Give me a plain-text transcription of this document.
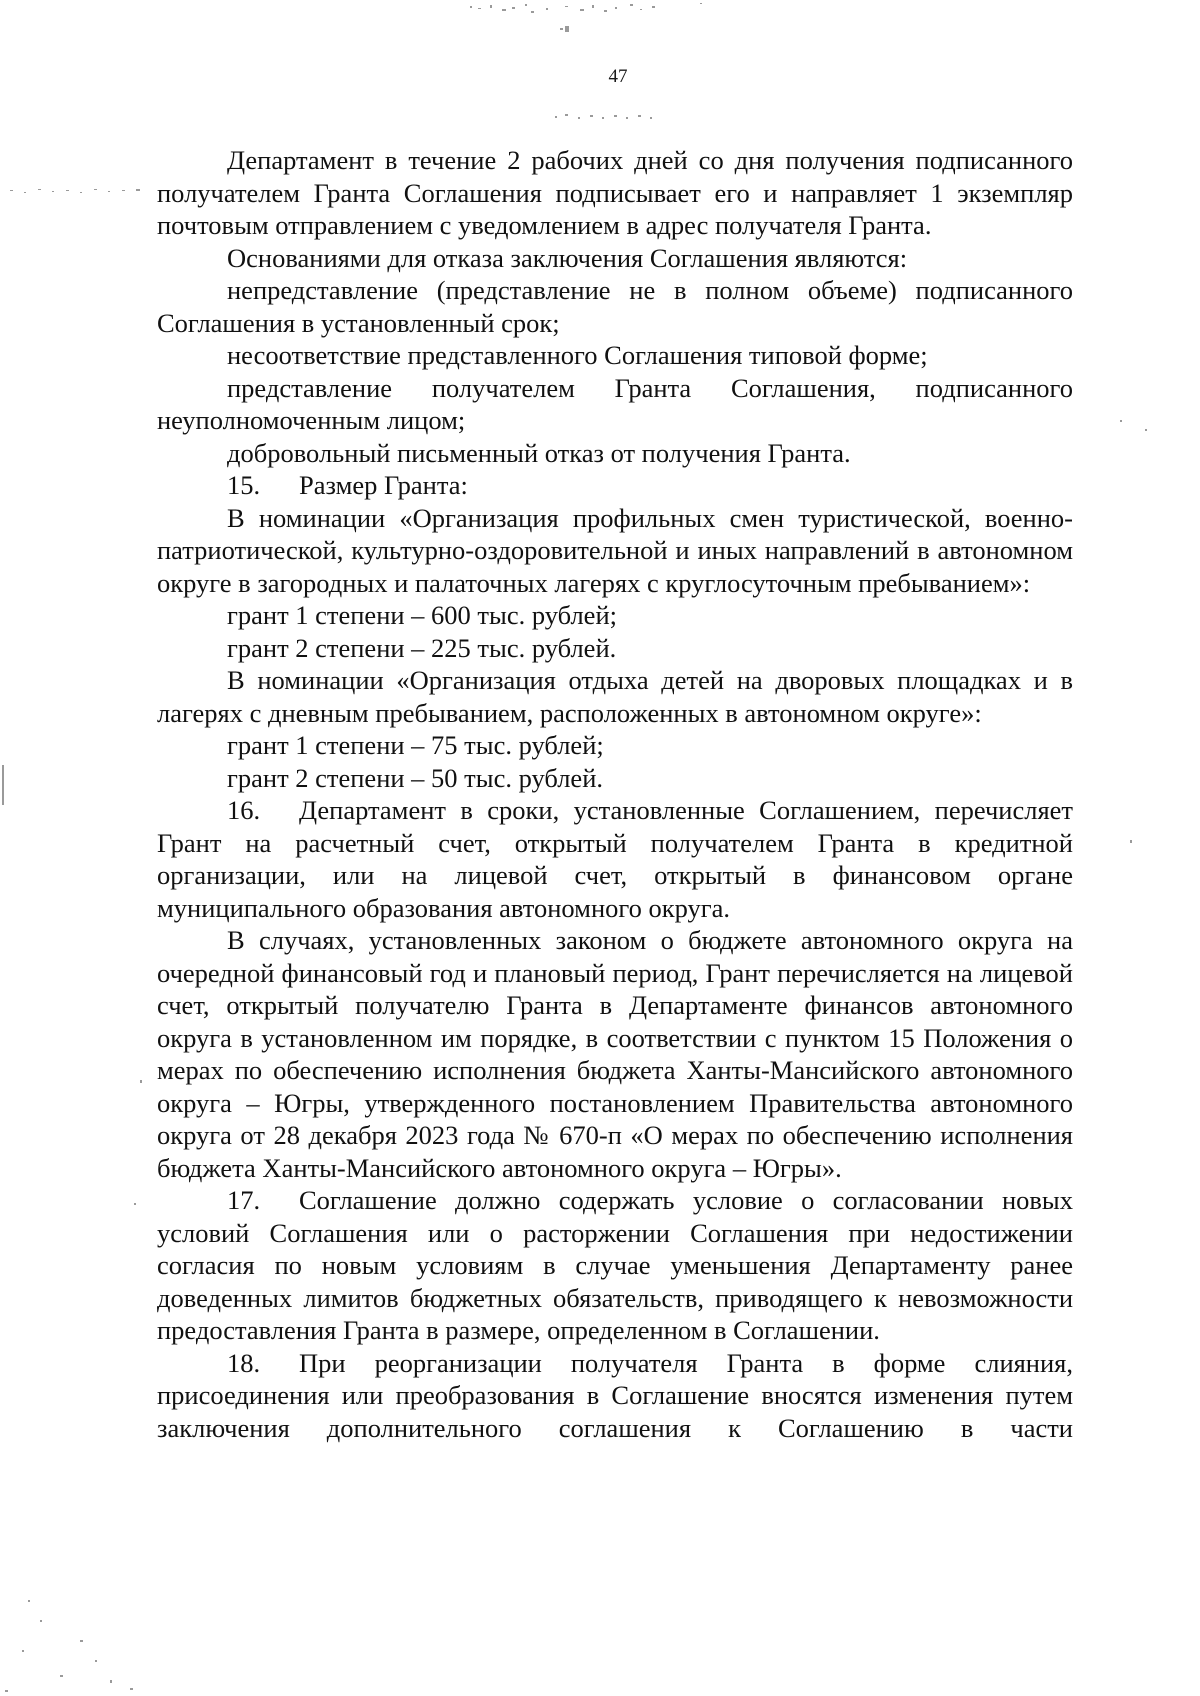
47

Департамент в течение 2 рабочих дней со дня получения подписанного получателем Гранта Соглашения подписывает его и направляет 1 экземпляр почтовым отправлением с уведомлением в адрес получателя Гранта.

Основаниями для отказа заключения Соглашения являются:

непредставление (представление не в полном объеме) подписанного Соглашения в установленный срок;

несоответствие представленного Соглашения типовой форме;

представление получателем Гранта Соглашения, подписанного неуполномоченным лицом;

добровольный письменный отказ от получения Гранта.

15. Размер Гранта:

В номинации «Организация профильных смен туристической, военно-патриотической, культурно-оздоровительной и иных направлений в автономном округе в загородных и палаточных лагерях с круглосуточным пребыванием»:

грант 1 степени – 600 тыс. рублей;

грант 2 степени – 225 тыс. рублей.

В номинации «Организация отдыха детей на дворовых площадках и в лагерях с дневным пребыванием, расположенных в автономном округе»:

грант 1 степени – 75 тыс. рублей;

грант 2 степени – 50 тыс. рублей.

16. Департамент в сроки, установленные Соглашением, перечисляет Грант на расчетный счет, открытый получателем Гранта в кредитной организации, или на лицевой счет, открытый в финансовом органе муниципального образования автономного округа.

В случаях, установленных законом о бюджете автономного округа на очередной финансовый год и плановый период, Грант перечисляется на лицевой счет, открытый получателю Гранта в Департаменте финансов автономного округа в установленном им порядке, в соответствии с пунктом 15 Положения о мерах по обеспечению исполнения бюджета Ханты-Мансийского автономного округа – Югры, утвержденного постановлением Правительства автономного округа от 28 декабря 2023 года № 670-п «О мерах по обеспечению исполнения бюджета Ханты-Мансийского автономного округа – Югры».

17. Соглашение должно содержать условие о согласовании новых условий Соглашения или о расторжении Соглашения при недостижении согласия по новым условиям в случае уменьшения Департаменту ранее доведенных лимитов бюджетных обязательств, приводящего к невозможности предоставления Гранта в размере, определенном в Соглашении.

18. При реорганизации получателя Гранта в форме слияния, присоединения или преобразования в Соглашение вносятся изменения путем заключения дополнительного соглашения к Соглашению в части
